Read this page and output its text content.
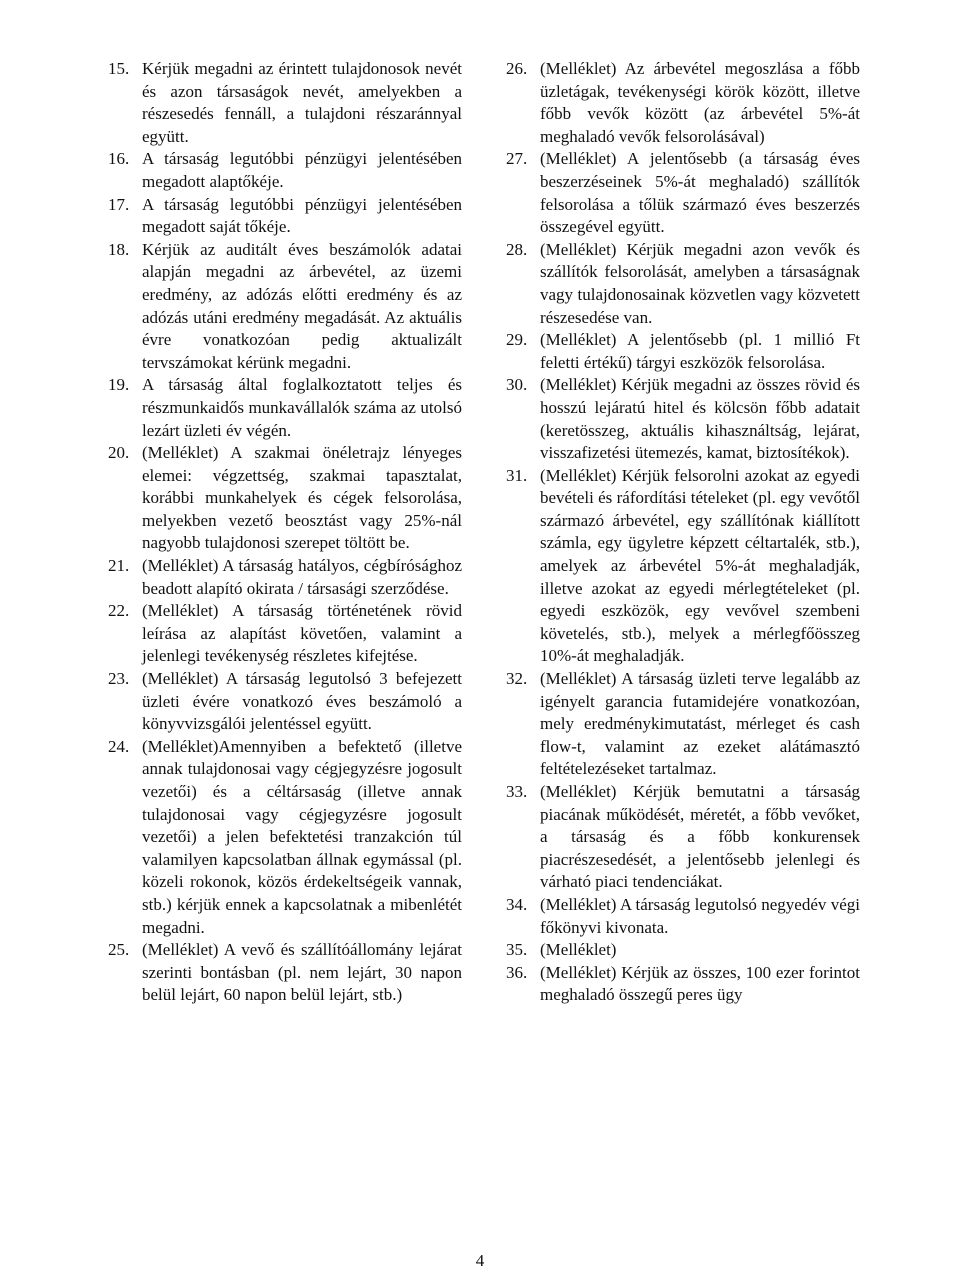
15. Kérjük megadni az érintett tulajdonosok nevét és azon társaságok nevét, amelyekben a részesedés fennáll, a tulajdoni részaránnyal együtt.
16. A társaság legutóbbi pénzügyi jelentésében megadott alaptőkéje.
17. A társaság legutóbbi pénzügyi jelentésében megadott saját tőkéje.
18. Kérjük az auditált éves beszámolók adatai alapján megadni az árbevétel, az üzemi eredmény, az adózás előtti eredmény és az adózás utáni eredmény megadását. Az aktuális évre vonatkozóan pedig aktualizált tervszámokat kérünk megadni.
19. A társaság által foglalkoztatott teljes és részmunkaidős munkavállalók száma az utolsó lezárt üzleti év végén.
20. (Melléklet) A szakmai önéletrajz lényeges elemei: végzettség, szakmai tapasztalat, korábbi munkahelyek és cégek felsorolása, melyekben vezető beosztást vagy 25%-nál nagyobb tulajdonosi szerepet töltött be.
21. (Melléklet) A társaság hatályos, cégbírósághoz beadott alapító okirata / társasági szerződése.
22. (Melléklet) A társaság történetének rövid leírása az alapítást követően, valamint a jelenlegi tevékenység részletes kifejtése.
23. (Melléklet) A társaság legutolsó 3 befejezett üzleti évére vonatkozó éves beszámoló a könyvvizsgálói jelentéssel együtt.
24. (Melléklet)Amennyiben a befektető (illetve annak tulajdonosai vagy cégjegyzésre jogosult vezetői) és a céltársaság (illetve annak tulajdonosai vagy cégjegyzésre jogosult vezetői) a jelen befektetési tranzakción túl valamilyen kapcsolatban állnak egymással (pl. közeli rokonok, közös érdekeltségeik vannak, stb.) kérjük ennek a kapcsolatnak a mibenlétét megadni.
25. (Melléklet) A vevő és szállítóállomány lejárat szerinti bontásban (pl. nem lejárt, 30 napon belül lejárt, 60 napon belül lejárt, stb.)
26. (Melléklet) Az árbevétel megoszlása a főbb üzletágak, tevékenységi körök között, illetve főbb vevők között (az árbevétel 5%-át meghaladó vevők felsorolásával)
27. (Melléklet) A jelentősebb (a társaság éves beszerzéseinek 5%-át meghaladó) szállítók felsorolása a tőlük származó éves beszerzés összegével együtt.
28. (Melléklet) Kérjük megadni azon vevők és szállítók felsorolását, amelyben a társaságnak vagy tulajdonosainak közvetlen vagy közvetett részesedése van.
29. (Melléklet) A jelentősebb (pl. 1 millió Ft feletti értékű) tárgyi eszközök felsorolása.
30. (Melléklet) Kérjük megadni az összes rövid és hosszú lejáratú hitel és kölcsön főbb adatait (keretösszeg, aktuális kihasználtság, lejárat, visszafizetési ütemezés, kamat, biztosítékok).
31. (Melléklet) Kérjük felsorolni azokat az egyedi bevételi és ráfordítási tételeket (pl. egy vevőtől származó árbevétel, egy szállítónak kiállított számla, egy ügyletre képzett céltartalék, stb.), amelyek az árbevétel 5%-át meghaladják, illetve azokat az egyedi mérlegtételeket (pl. egyedi eszközök, egy vevővel szembeni követelés, stb.), melyek a mérlegfőösszeg 10%-át meghaladják.
32. (Melléklet) A társaság üzleti terve legalább az igényelt garancia futamidejére vonatkozóan, mely eredménykimutatást, mérleget és cash flow-t, valamint az ezeket alátámasztó feltételezéseket tartalmaz.
33. (Melléklet) Kérjük bemutatni a társaság piacának működését, méretét, a főbb vevőket, a társaság és a főbb konkurensek piacrészesedését, a jelentősebb jelenlegi és várható piaci tendenciákat.
34. (Melléklet) A társaság legutolsó negyedév végi főkönyvi kivonata.
35. (Melléklet)
36. (Melléklet) Kérjük az összes, 100 ezer forintot meghaladó összegű peres ügy
4
